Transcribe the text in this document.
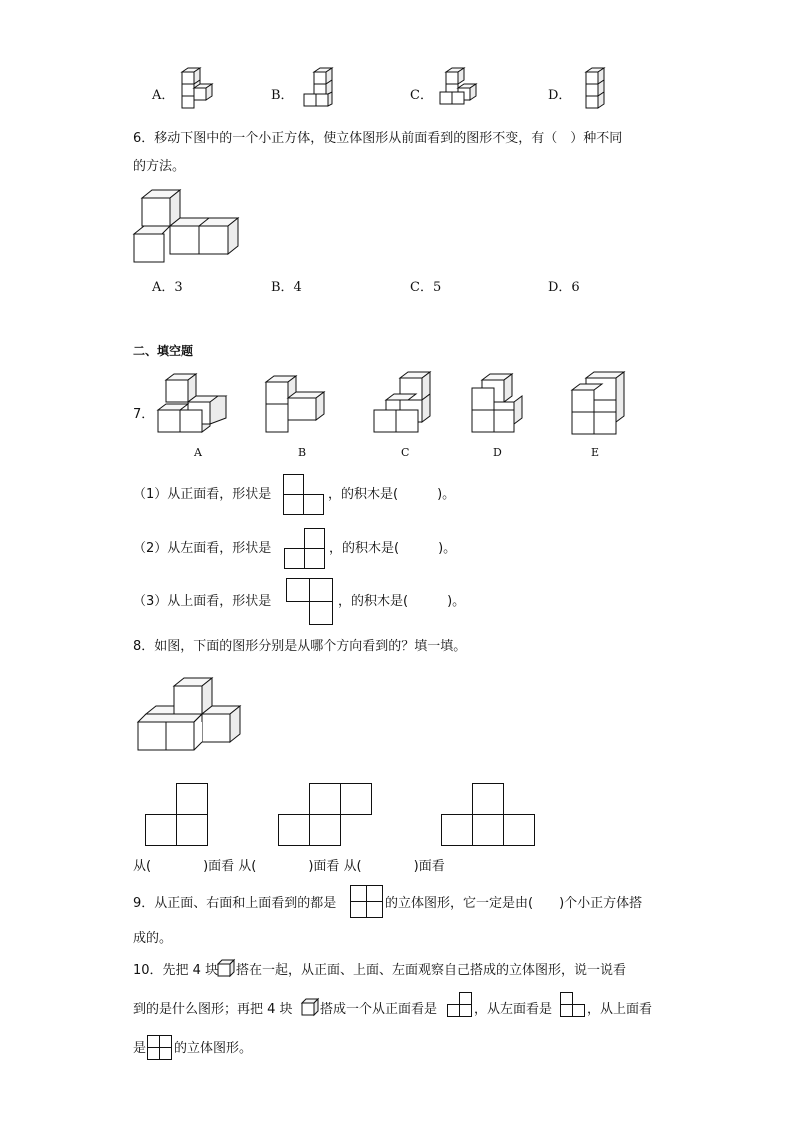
A．	B．	C．	D．
6．移动下图中的一个小正方体，使立体图形从前面看到的图形不变，有（　）种不同
的方法。
A．3	B．4	C．5	D．6
二、填空题
7．
A	B	C	D	E
（1）从正面看，形状是	，的积木是(　　　)。
（2）从左面看，形状是	，的积木是(　　　)。
（3）从上面看，形状是	，的积木是(　　　)。
8．如图，下面的图形分别是从哪个方向看到的？填一填。
从(　　　　)面看 从(　　　　)面看 从(　　　　)面看
9．从正面、右面和上面看到的都是	的立体图形，它一定是由(　　)个小正方体搭
成的。
10．先把 4 块 搭在一起，从正面、上面、左面观察自己搭成的立体图形，说一说看
到的是什么图形；再把 4 块 搭成一个从正面看是	，从左面看是	，从上面看
是 的立体图形。
